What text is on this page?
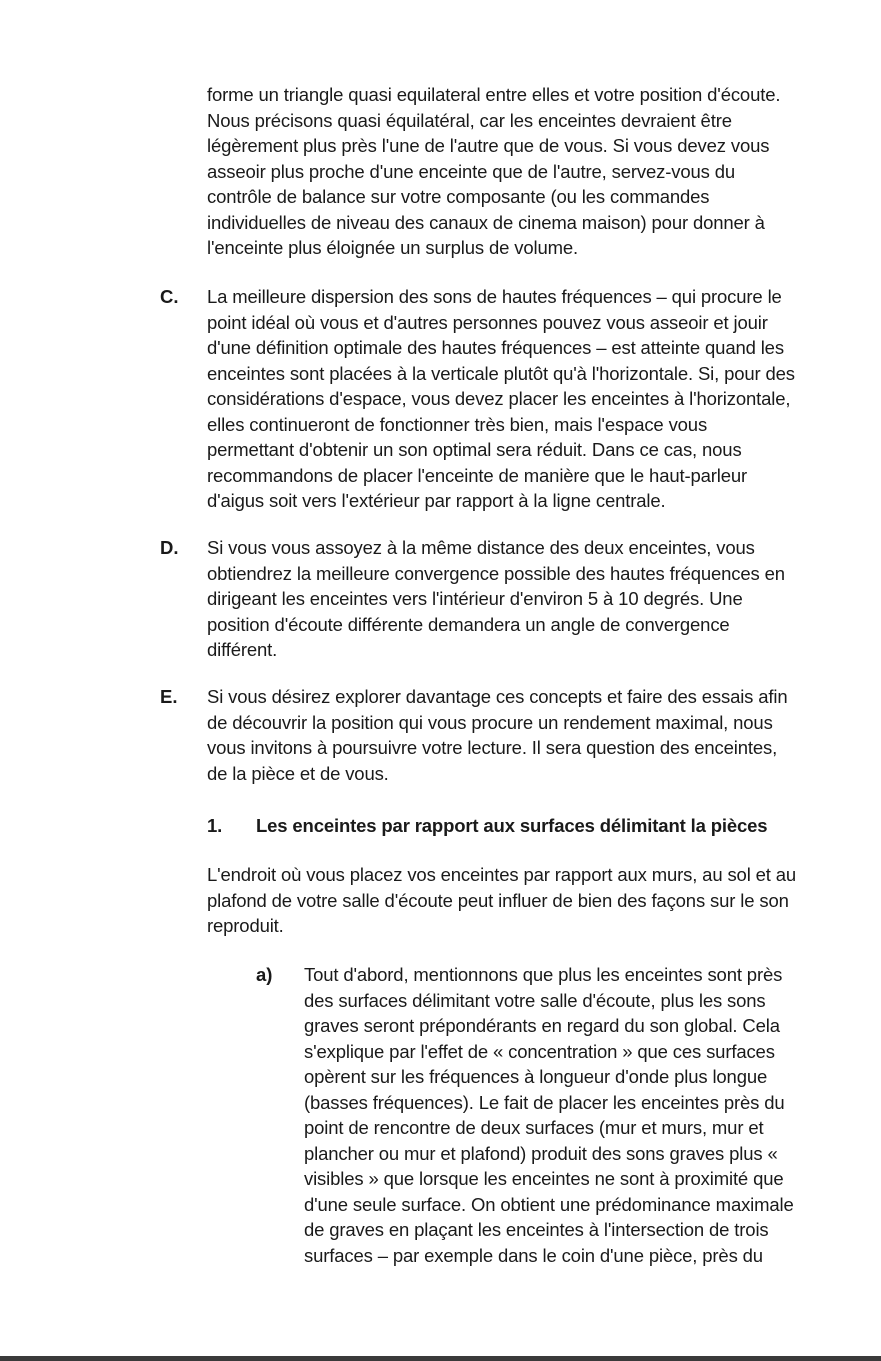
forme un triangle quasi equilateral entre elles et votre position d'écoute.
Nous précisons quasi équilatéral, car les enceintes devraient être
légèrement plus près l'une de l'autre que de vous. Si vous devez vous
asseoir plus proche d'une enceinte que de l'autre, servez-vous du
contrôle de balance sur votre composante (ou les commandes
individuelles de niveau des canaux de cinema maison) pour donner à
l'enceinte plus éloignée un surplus de volume.
C. La meilleure dispersion des sons de hautes fréquences – qui procure le
point idéal où vous et d'autres personnes pouvez vous asseoir et jouir
d'une définition optimale des hautes fréquences – est atteinte quand les
enceintes sont placées à la verticale plutôt qu'à l'horizontale. Si, pour des
considérations d'espace, vous devez placer les enceintes à l'horizontale,
elles continueront de fonctionner très bien, mais l'espace vous
permettant d'obtenir un son optimal sera réduit. Dans ce cas, nous
recommandons de placer l'enceinte de manière que le haut-parleur
d'aigus soit vers l'extérieur par rapport à la ligne centrale.
D. Si vous vous assoyez à la même distance des deux enceintes, vous
obtiendrez la meilleure convergence possible des hautes fréquences en
dirigeant les enceintes vers l'intérieur d'environ 5 à 10 degrés. Une
position d'écoute différente demandera un angle de convergence
différent.
E. Si vous désirez explorer davantage ces concepts et faire des essais afin
de découvrir la position qui vous procure un rendement maximal, nous
vous invitons à poursuivre votre lecture. Il sera question des enceintes,
de la pièce et de vous.
1. Les enceintes par rapport aux surfaces délimitant la pièces
L'endroit où vous placez vos enceintes par rapport aux murs, au sol et au
plafond de votre salle d'écoute peut influer de bien des façons sur le son
reproduit.
a) Tout d'abord, mentionnons que plus les enceintes sont près
des surfaces délimitant votre salle d'écoute, plus les sons
graves seront prépondérants en regard du son global. Cela
s'explique par l'effet de « concentration » que ces surfaces
opèrent sur les fréquences à longueur d'onde plus longue
(basses fréquences). Le fait de placer les enceintes près du
point de rencontre de deux surfaces (mur et murs, mur et
plancher ou mur et plafond) produit des sons graves plus «
visibles » que lorsque les enceintes ne sont à proximité que
d'une seule surface. On obtient une prédominance maximale
de graves en plaçant les enceintes à l'intersection de trois
surfaces – par exemple dans le coin d'une pièce, près du
